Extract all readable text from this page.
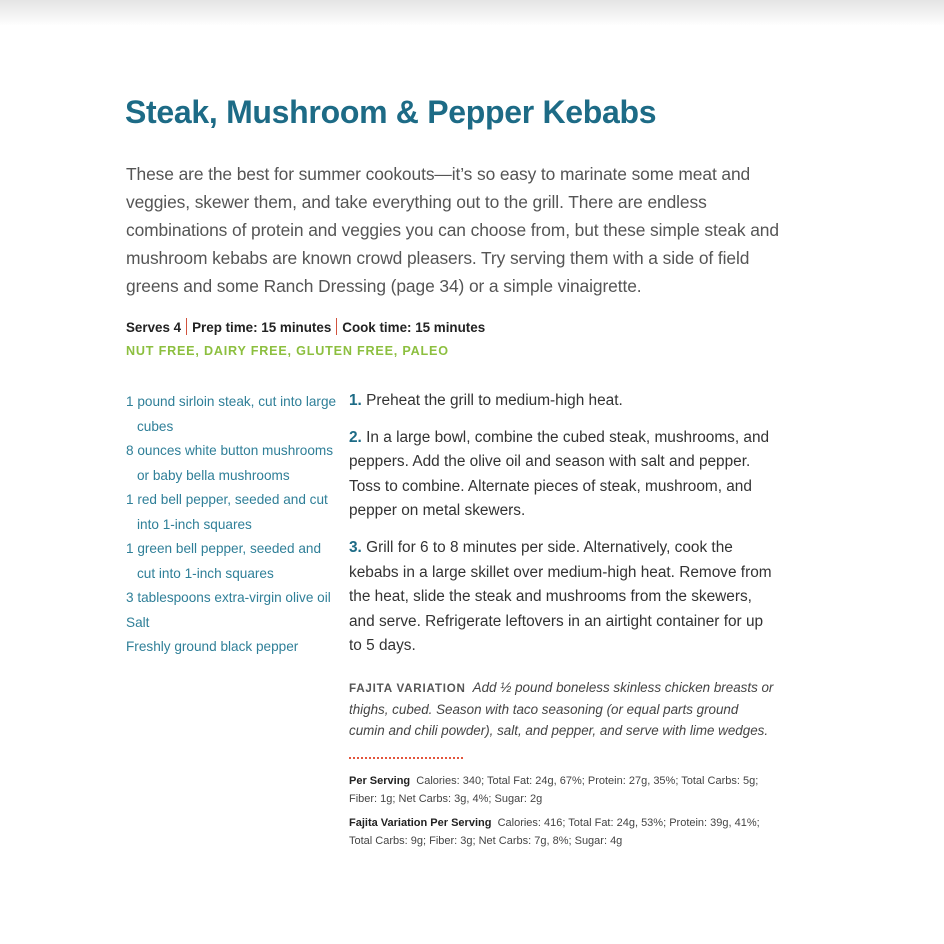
Steak, Mushroom & Pepper Kebabs

These are the best for summer cookouts—it’s so easy to marinate some meat and veggies, skewer them, and take everything out to the grill. There are endless combinations of protein and veggies you can choose from, but these simple steak and mushroom kebabs are known crowd pleasers. Try serving them with a side of field greens and some Ranch Dressing (page 34) or a simple vinaigrette.

Serves 4 Prep time: 15 minutes Cook time: 15 minutes
NUT FREE, DAIRY FREE, GLUTEN FREE, PALEO
1 pound sirloin steak, cut into large cubes
8 ounces white button mushrooms or baby bella mushrooms
1 red bell pepper, seeded and cut into 1-inch squares
1 green bell pepper, seeded and cut into 1-inch squares
3 tablespoons extra-virgin olive oil
Salt
Freshly ground black pepper

1. Preheat the grill to medium-high heat.

2. In a large bowl, combine the cubed steak, mushrooms, and peppers. Add the olive oil and season with salt and pepper. Toss to combine. Alternate pieces of steak, mushroom, and pepper on metal skewers.

3. Grill for 6 to 8 minutes per side. Alternatively, cook the kebabs in a large skillet over medium-high heat. Remove from the heat, slide the steak and mushrooms from the skewers, and serve. Refrigerate leftovers in an airtight container for up to 5 days.

FAJITA VARIATION Add ½ pound boneless skinless chicken breasts or thighs, cubed. Season with taco seasoning (or equal parts ground cumin and chili powder), salt, and pepper, and serve with lime wedges.

Per Serving Calories: 340; Total Fat: 24g, 67%; Protein: 27g, 35%; Total Carbs: 5g; Fiber: 1g; Net Carbs: 3g, 4%; Sugar: 2g

Fajita Variation Per Serving Calories: 416; Total Fat: 24g, 53%; Protein: 39g, 41%; Total Carbs: 9g; Fiber: 3g; Net Carbs: 7g, 8%; Sugar: 4g
